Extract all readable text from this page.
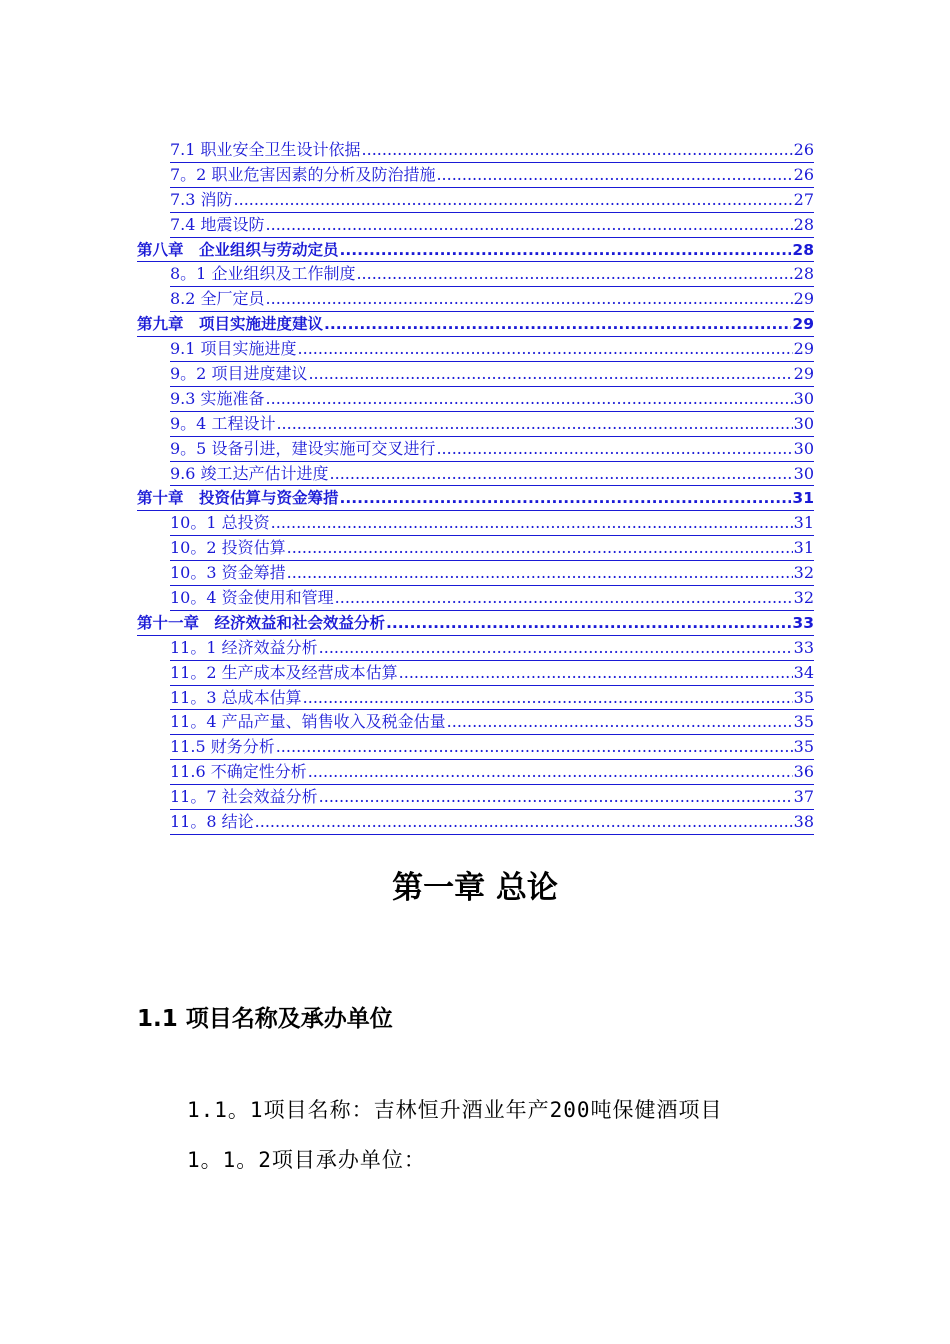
7.1 职业安全卫生设计依据 .....	26
7。2 职业危害因素的分析及防治措施 .....	26
7.3 消防 .....	27
7.4 地震设防 .....	28
第八章　企业组织与劳动定员 .....	28
8。1 企业组织及工作制度 .....	28
8.2 全厂定员 .....	29
第九章　项目实施进度建议 .....	29
9.1 项目实施进度 .....	29
9。2 项目进度建议 .....	29
9.3 实施准备 .....	30
9。4 工程设计 .....	30
9。5 设备引进，建设实施可交叉进行 .....	30
9.6 竣工达产估计进度 .....	30
第十章　投资估算与资金筹措 .....	31
10。1 总投资 .....	31
10。2 投资估算 .....	31
10。3 资金筹措 .....	32
10。4 资金使用和管理 .....	32
第十一章　经济效益和社会效益分析 .....	33
11。1 经济效益分析 .....	33
11。2 生产成本及经营成本估算 .....	34
11。3 总成本估算 .....	35
11。4 产品产量、销售收入及税金估量 .....	35
11.5 财务分析 .....	35
11.6 不确定性分析 .....	36
11。7 社会效益分析 .....	37
11。8 结论 .....	38
第一章 总论
1.1 项目名称及承办单位
1.1。1项目名称：吉林恒升酒业年产200吨保健酒项目
1。1。2项目承办单位：
